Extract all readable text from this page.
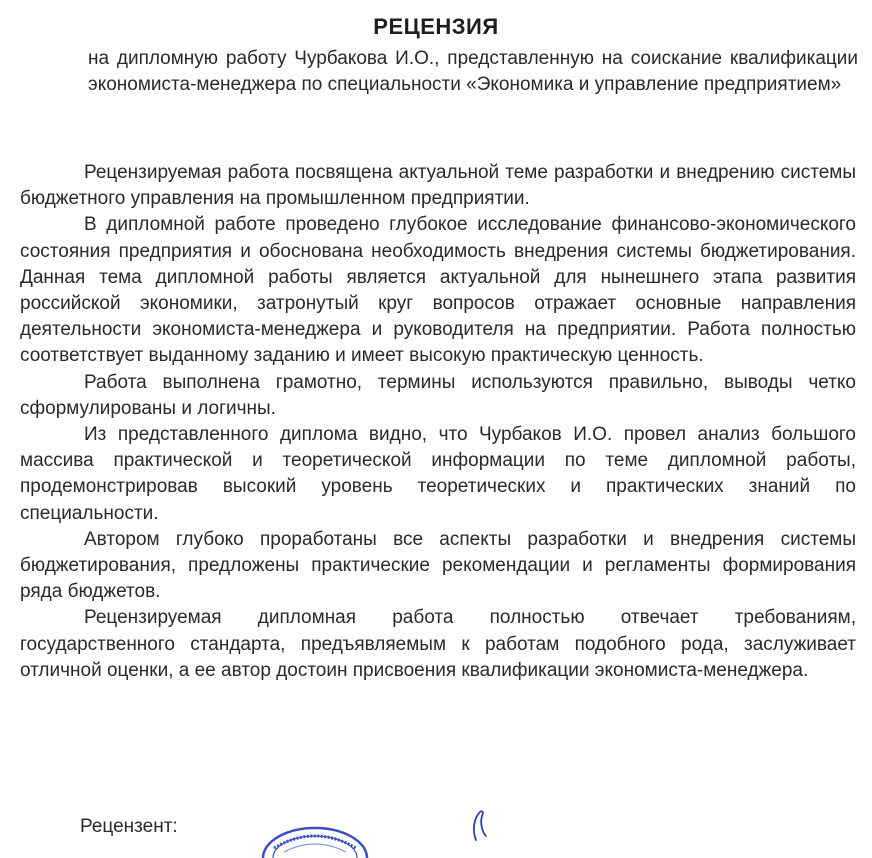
РЕЦЕНЗИЯ

на дипломную работу Чурбакова И.О., представленную на соискание квалификации экономиста-менеджера по специальности «Экономика и управление предприятием»

Рецензируемая работа посвящена актуальной теме разработки и внедрению системы бюджетного управления на промышленном предприятии.

В дипломной работе проведено глубокое исследование финансово-экономического состояния предприятия и обоснована необходимость внедрения системы бюджетирования. Данная тема дипломной работы является актуальной для нынешнего этапа развития российской экономики, затронутый круг вопросов отражает основные направления деятельности экономиста-менеджера и руководителя на предприятии. Работа полностью соответствует выданному заданию и имеет высокую практическую ценность.

Работа выполнена грамотно, термины используются правильно, выводы четко сформулированы и логичны.

Из представленного диплома видно, что Чурбаков И.О. провел анализ большого массива практической и теоретической информации по теме дипломной работы, продемонстрировав высокий уровень теоретических и практических знаний по специальности.

Автором глубоко проработаны все аспекты разработки и внедрения системы бюджетирования, предложены практические рекомендации и регламенты формирования ряда бюджетов.

Рецензируемая дипломная работа полностью отвечает требованиям, государственного стандарта, предъявляемым к работам подобного рода, заслуживает отличной оценки, а ее автор достоин присвоения квалификации экономиста-менеджера.

Рецензент:
